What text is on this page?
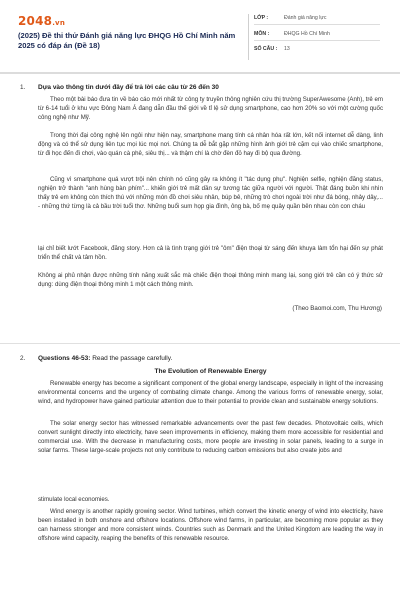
2048.vn
(2025) Đề thi thử Đánh giá năng lực ĐHQG Hồ Chí Minh năm 2025 có đáp án (Đề 18)
LỚP :	Đánh giá năng lực
MÔN :	ĐHQG Hồ Chí Minh
SỐ CÂU : 13
1. Dựa vào thông tin dưới đây để trả lời các câu từ 26 đến 30
Theo một bài báo đưa tin về báo cáo mới nhất từ công ty truyền thông nghiên cứu thị trường SuperAwesome (Anh), trẻ em từ 6-14 tuổi ở khu vực Đông Nam Á đang dẫn đầu thế giới về tỉ lệ sử dụng smartphone, cao hơn 20% so với một cường quốc công nghệ như Mỹ.
Trong thời đại công nghệ lên ngôi như hiện nay, smartphone mang tính cá nhân hóa rất lớn, kết nối internet dễ dàng, linh động và có thể sử dụng liên tục mọi lúc mọi nơi. Chúng ta dễ bắt gặp những hình ảnh giới trẻ cặm cụi vào chiếc smartphone, từ đi học đến đi chơi, vào quán cà phê, siêu thị... và thậm chí là chờ đèn đỏ hay đi bộ qua đường.
Cũng vì smartphone quá vượt trội nên chính nó cũng gây ra không ít "tác dụng phụ". Nghiện selfie, nghiện đăng status, nghiện trở thành "anh hùng bàn phím"... khiến giới trẻ mất dần sự tương tác giữa người với người. Thật đáng buồn khi nhìn thấy trẻ em không còn thích thú với những món đồ chơi siêu nhân, búp bê, những trò chơi ngoài trời như đá bóng, nhảy dây,... - những thứ từng là cả bầu trời tuổi thơ. Những buổi sum họp gia đình, ông bà, bố mẹ quây quần bên nhau còn con cháu
lại chỉ biết lướt Facebook, đăng story. Hơn cả là tình trạng giới trẻ "ôm" điện thoại từ sáng đến khuya làm tổn hại đến sự phát triển thể chất và tâm hồn.
Không ai phủ nhận được những tính năng xuất sắc mà chiếc điện thoại thông minh mang lại, song giới trẻ cần có ý thức sử dụng: dùng điện thoại thông minh 1 một cách thông minh.
(Theo Baomoi.com, Thu Hương)
2. Questions 46-53: Read the passage carefully.
The Evolution of Renewable Energy
Renewable energy has become a significant component of the global energy landscape, especially in light of the increasing environmental concerns and the urgency of combating climate change. Among the various forms of renewable energy, solar, wind, and hydropower have gained particular attention due to their potential to provide clean and sustainable energy solutions.
The solar energy sector has witnessed remarkable advancements over the past few decades. Photovoltaic cells, which convert sunlight directly into electricity, have seen improvements in efficiency, making them more accessible for residential and commercial use. With the decrease in manufacturing costs, more people are investing in solar panels, leading to a surge in solar farms. These large-scale projects not only contribute to reducing carbon emissions but also create jobs and
stimulate local economies.
Wind energy is another rapidly growing sector. Wind turbines, which convert the kinetic energy of wind into electricity, have been installed in both onshore and offshore locations. Offshore wind farms, in particular, are becoming more popular as they can harness stronger and more consistent winds. Countries such as Denmark and the United Kingdom are leading the way in offshore wind capacity, reaping the benefits of this renewable resource.
